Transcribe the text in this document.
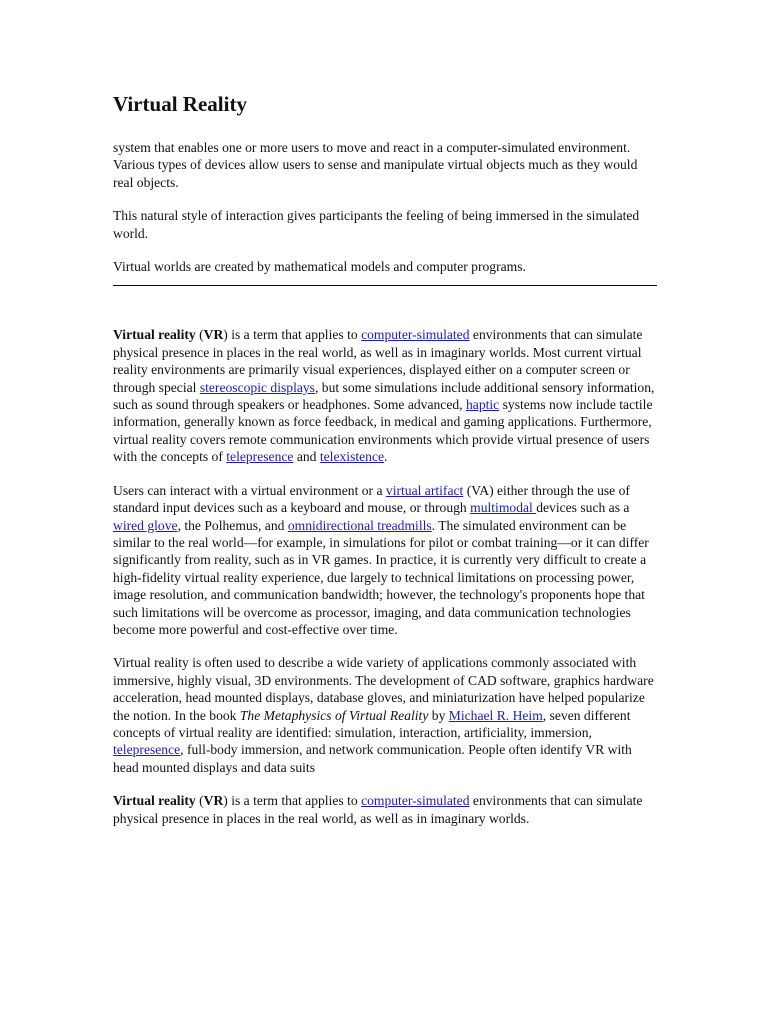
Virtual Reality

system that enables one or more users to move and react in a computer-simulated environment. Various types of devices allow users to sense and manipulate virtual objects much as they would real objects.

This natural style of interaction gives participants the feeling of being immersed in the simulated world.

Virtual worlds are created by mathematical models and computer programs.

Virtual reality (VR) is a term that applies to computer-simulated environments that can simulate physical presence in places in the real world, as well as in imaginary worlds. Most current virtual reality environments are primarily visual experiences, displayed either on a computer screen or through special stereoscopic displays, but some simulations include additional sensory information, such as sound through speakers or headphones. Some advanced, haptic systems now include tactile information, generally known as force feedback, in medical and gaming applications. Furthermore, virtual reality covers remote communication environments which provide virtual presence of users with the concepts of telepresence and telexistence.

Users can interact with a virtual environment or a virtual artifact (VA) either through the use of standard input devices such as a keyboard and mouse, or through multimodal devices such as a wired glove, the Polhemus, and omnidirectional treadmills. The simulated environment can be similar to the real world—for example, in simulations for pilot or combat training—or it can differ significantly from reality, such as in VR games. In practice, it is currently very difficult to create a high-fidelity virtual reality experience, due largely to technical limitations on processing power, image resolution, and communication bandwidth; however, the technology's proponents hope that such limitations will be overcome as processor, imaging, and data communication technologies become more powerful and cost-effective over time.

Virtual reality is often used to describe a wide variety of applications commonly associated with immersive, highly visual, 3D environments. The development of CAD software, graphics hardware acceleration, head mounted displays, database gloves, and miniaturization have helped popularize the notion. In the book The Metaphysics of Virtual Reality by Michael R. Heim, seven different concepts of virtual reality are identified: simulation, interaction, artificiality, immersion, telepresence, full-body immersion, and network communication. People often identify VR with head mounted displays and data suits

Virtual reality (VR) is a term that applies to computer-simulated environments that can simulate physical presence in places in the real world, as well as in imaginary worlds.
